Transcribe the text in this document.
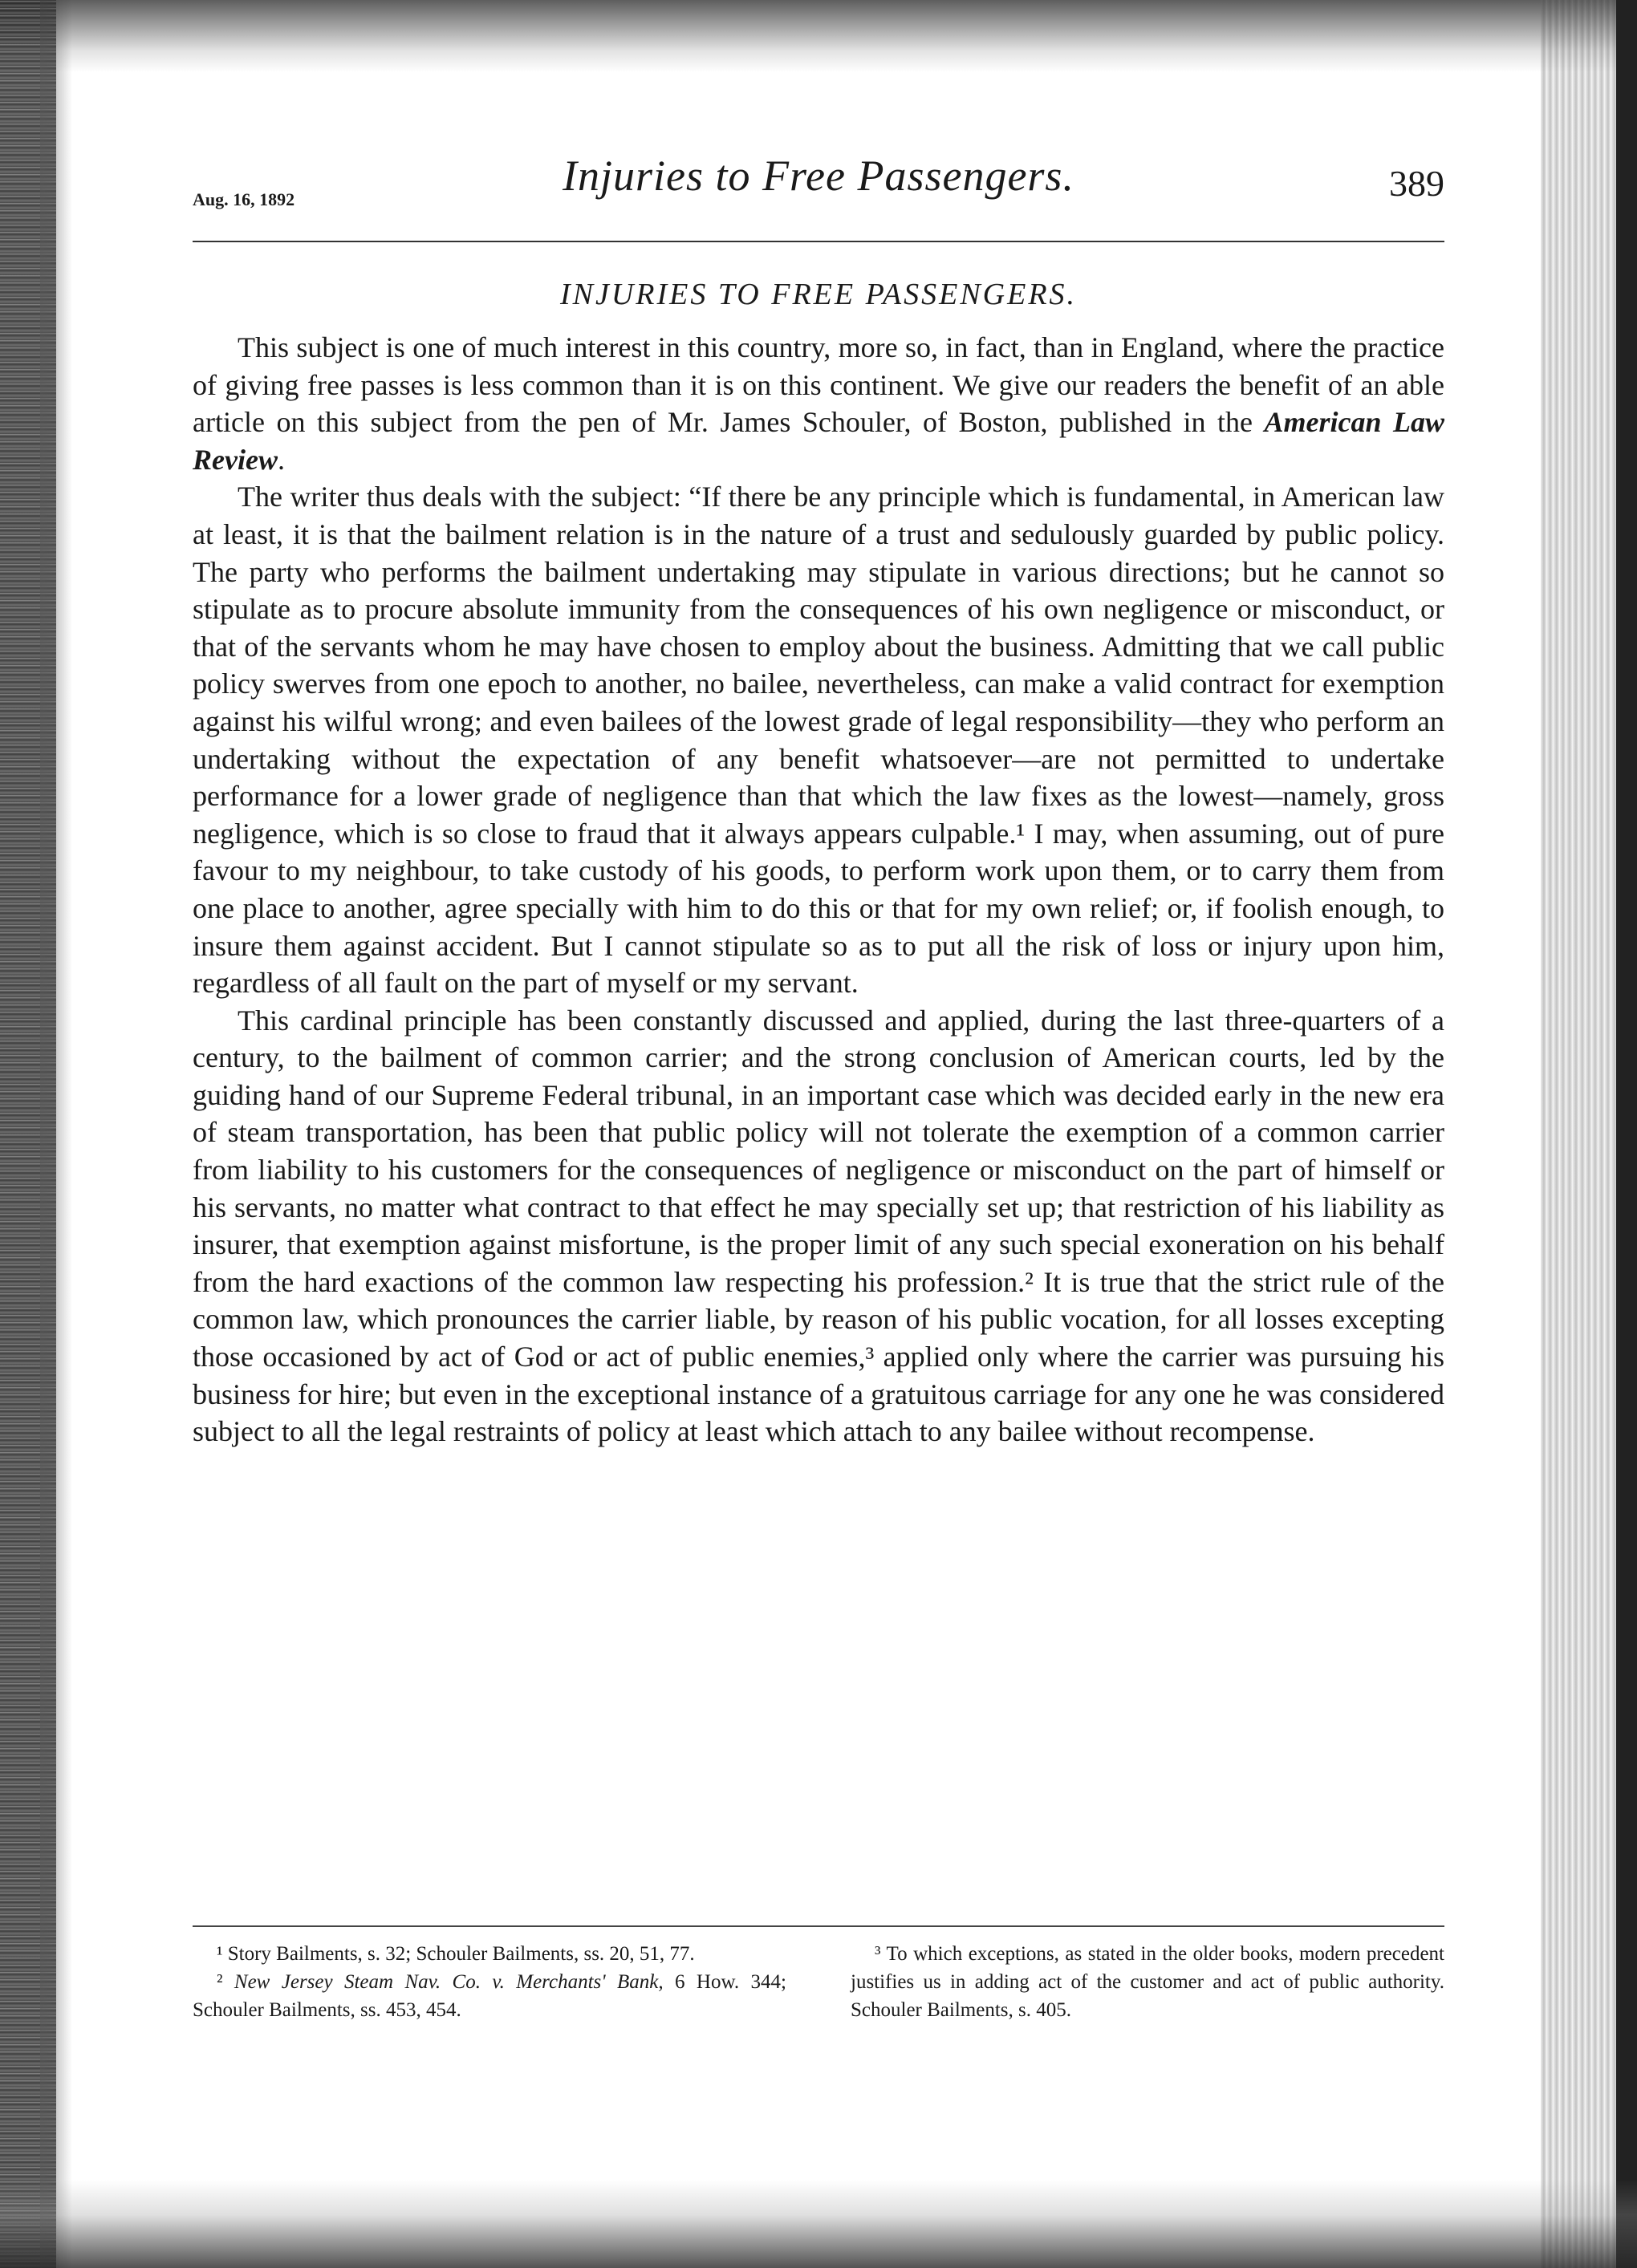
Aug. 16, 1892	Injuries to Free Passengers.	389
INJURIES TO FREE PASSENGERS.

This subject is one of much interest in this country, more so, in fact, than in England, where the practice of giving free passes is less common than it is on this continent. We give our readers the benefit of an able article on this subject from the pen of Mr. James Schouler, of Boston, published in the American Law Review.

The writer thus deals with the subject: “If there be any principle which is fundamental, in American law at least, it is that the bailment relation is in the nature of a trust and sedulously guarded by public policy. The party who performs the bailment undertaking may stipulate in various directions; but he cannot so stipulate as to procure absolute immunity from the consequences of his own negligence or misconduct, or that of the servants whom he may have chosen to employ about the business. Admitting that we call public policy swerves from one epoch to another, no bailee, nevertheless, can make a valid contract for exemption against his wilful wrong; and even bailees of the lowest grade of legal responsibility—they who perform an undertaking without the expectation of any benefit whatsoever—are not permitted to undertake performance for a lower grade of negligence than that which the law fixes as the lowest—namely, gross negligence, which is so close to fraud that it always appears culpable.¹ I may, when assuming, out of pure favour to my neighbour, to take custody of his goods, to perform work upon them, or to carry them from one place to another, agree specially with him to do this or that for my own relief; or, if foolish enough, to insure them against accident. But I cannot stipulate so as to put all the risk of loss or injury upon him, regardless of all fault on the part of myself or my servant.

This cardinal principle has been constantly discussed and applied, during the last three-quarters of a century, to the bailment of common carrier; and the strong conclusion of American courts, led by the guiding hand of our Supreme Federal tribunal, in an important case which was decided early in the new era of steam transportation, has been that public policy will not tolerate the exemption of a common carrier from liability to his customers for the consequences of negligence or misconduct on the part of himself or his servants, no matter what contract to that effect he may specially set up; that restriction of his liability as insurer, that exemption against misfortune, is the proper limit of any such special exoneration on his behalf from the hard exactions of the common law respecting his profession.² It is true that the strict rule of the common law, which pronounces the carrier liable, by reason of his public vocation, for all losses excepting those occasioned by act of God or act of public enemies,³ applied only where the carrier was pursuing his business for hire; but even in the exceptional instance of a gratuitous carriage for any one he was considered subject to all the legal restraints of policy at least which attach to any bailee without recompense.

¹ Story Bailments, s. 32; Schouler Bailments, ss. 20, 51, 77.

² New Jersey Steam Nav. Co. v. Merchants' Bank, 6 How. 344; Schouler Bailments, ss. 453, 454.

³ To which exceptions, as stated in the older books, modern precedent justifies us in adding act of the customer and act of public authority. Schouler Bailments, s. 405.
